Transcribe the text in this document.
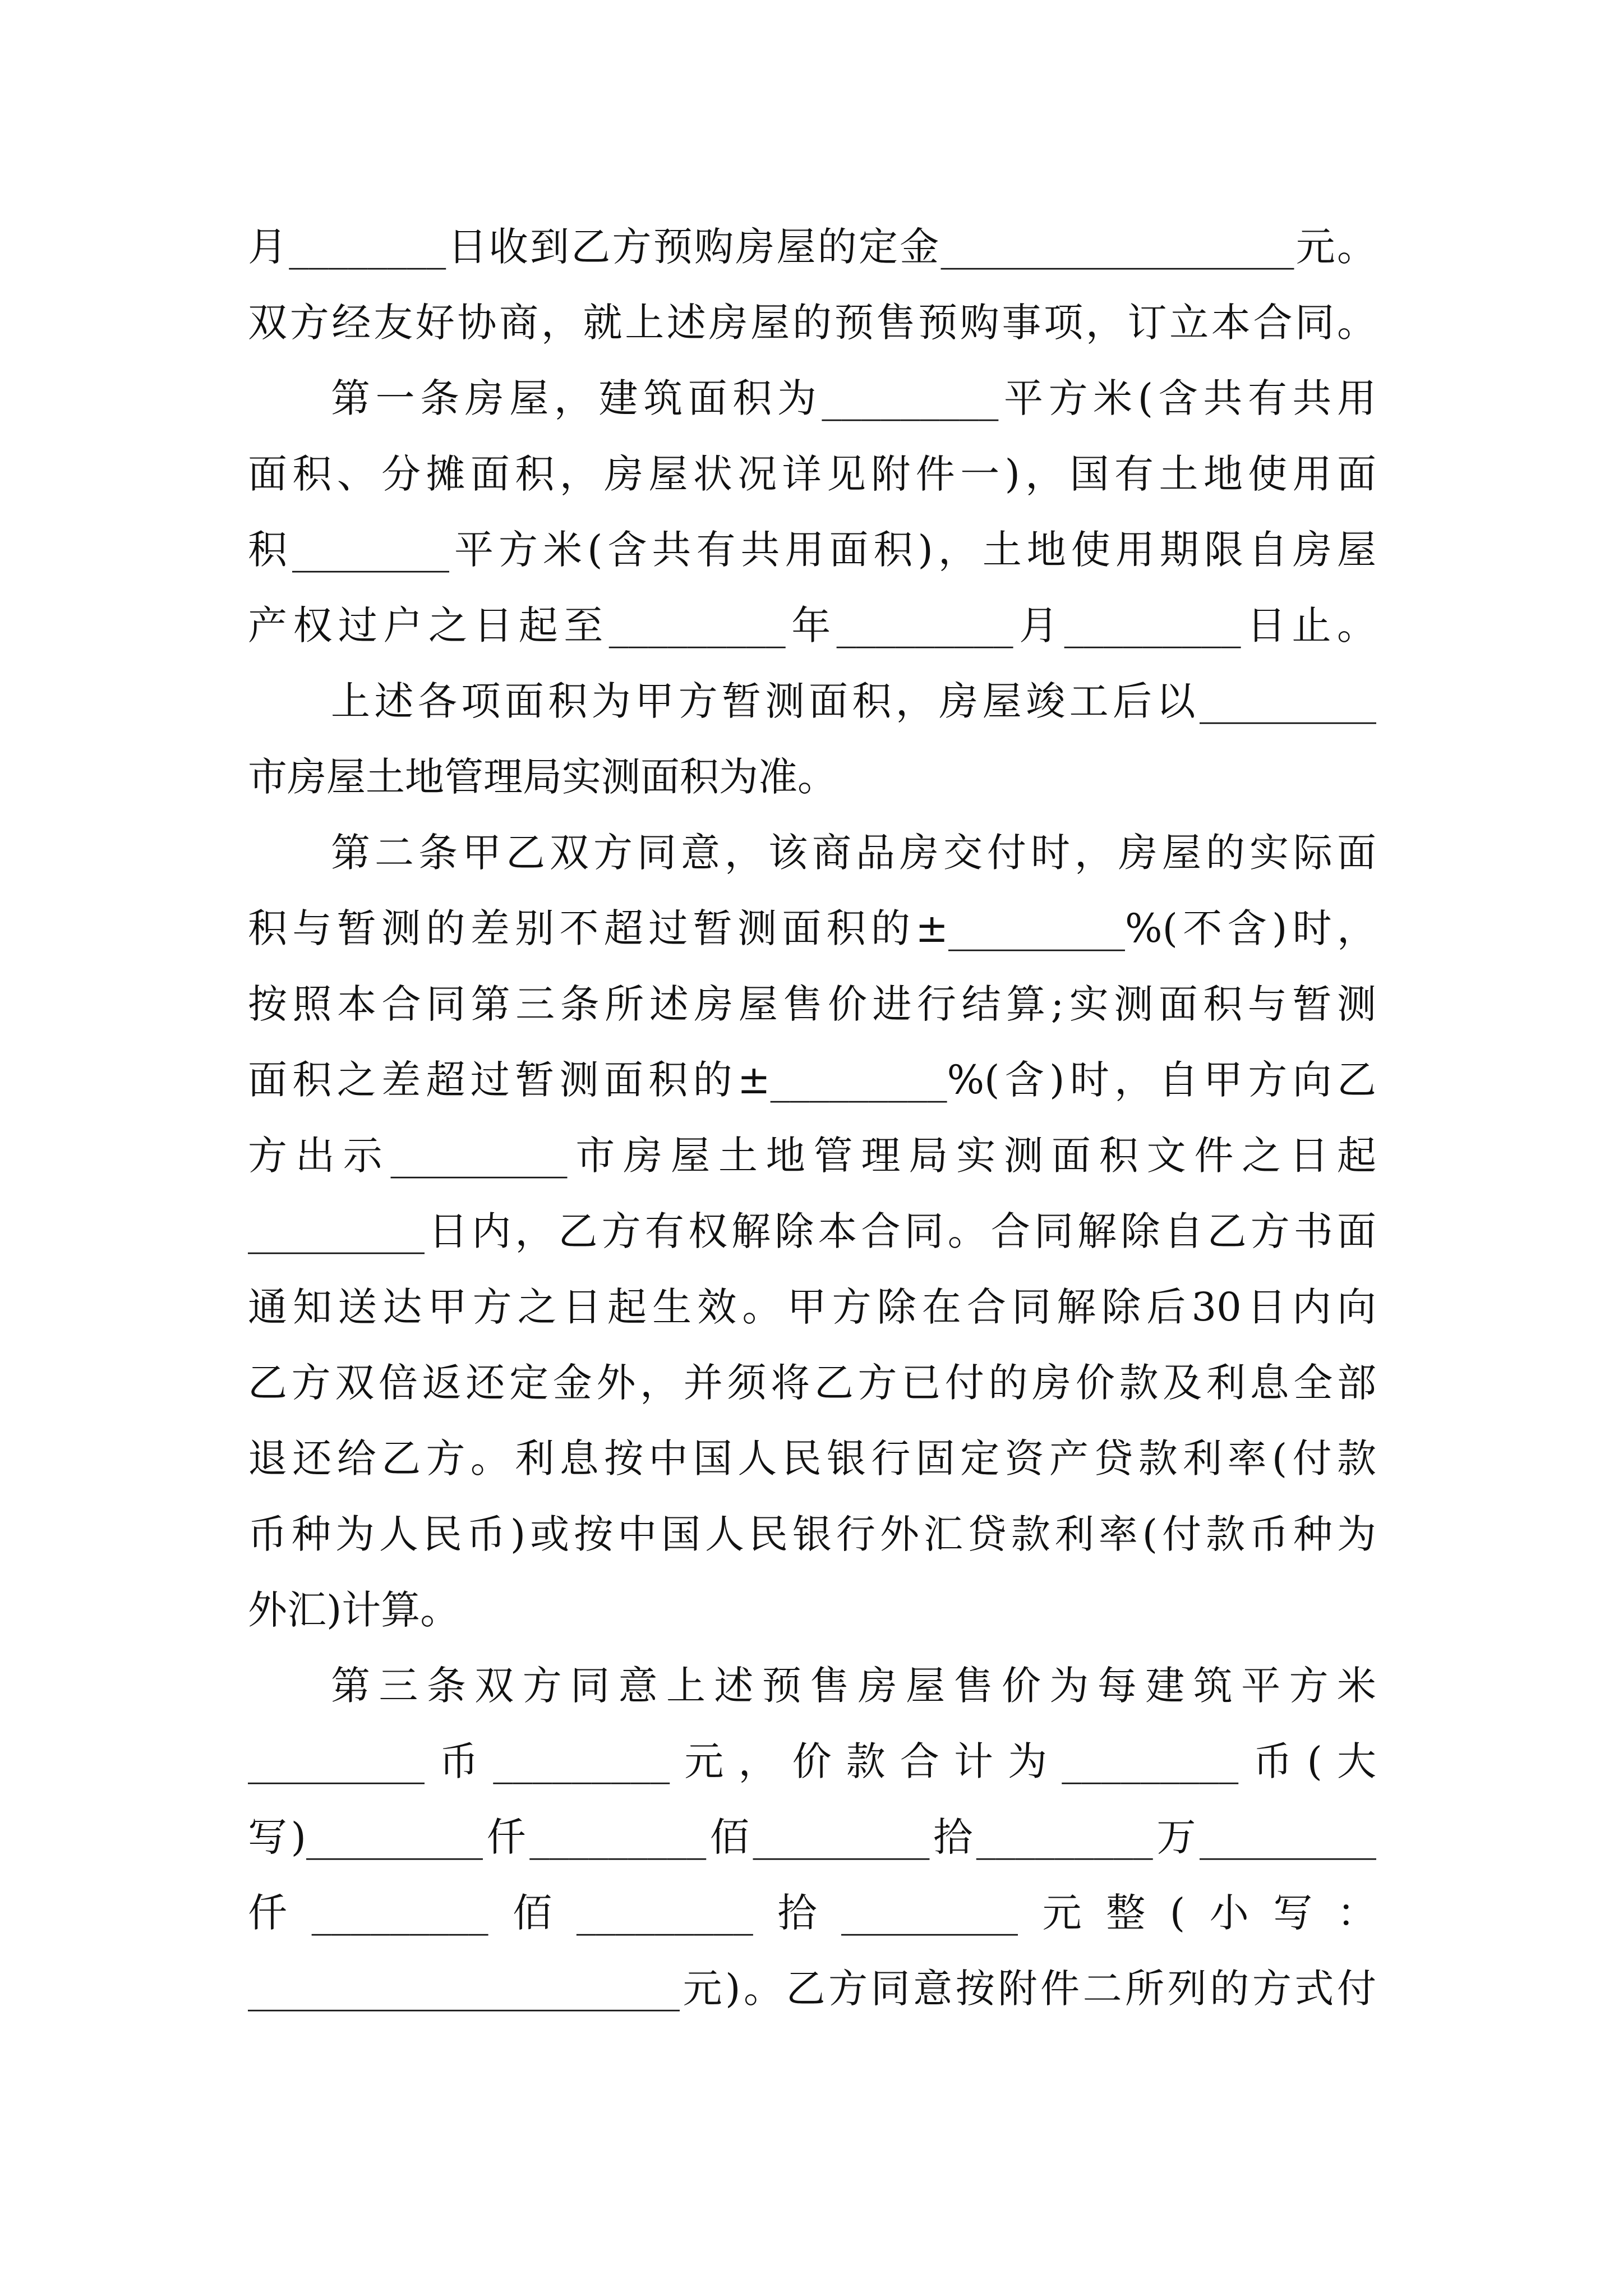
月________日收到乙方预购房屋的定金__________________元。
双方经友好协商，就上述房屋的预售预购事项，订立本合同。
第一条房屋，建筑面积为_________平方米(含共有共用
面积、分摊面积，房屋状况详见附件一)，国有土地使用面
积________平方米(含共有共用面积)，土地使用期限自房屋
产权过户之日起至_________年_________月_________日止。
上述各项面积为甲方暂测面积，房屋竣工后以_________
市房屋土地管理局实测面积为准。
第二条甲乙双方同意，该商品房交付时，房屋的实际面
积与暂测的差别不超过暂测面积的±_________%(不含)时，
按照本合同第三条所述房屋售价进行结算;实测面积与暂测
面积之差超过暂测面积的±_________%(含)时，自甲方向乙
方出示_________市房屋土地管理局实测面积文件之日起
_________日内，乙方有权解除本合同。合同解除自乙方书面
通知送达甲方之日起生效。甲方除在合同解除后30日内向
乙方双倍返还定金外，并须将乙方已付的房价款及利息全部
退还给乙方。利息按中国人民银行固定资产贷款利率(付款
币种为人民币)或按中国人民银行外汇贷款利率(付款币种为
外汇)计算。
第三条双方同意上述预售房屋售价为每建筑平方米
_________币_________元，价款合计为_________币(大
写)_________仟_________佰_________拾_________万_________
仟_________佰_________拾_________元整(小写：
______________________元)。乙方同意按附件二所列的方式付
